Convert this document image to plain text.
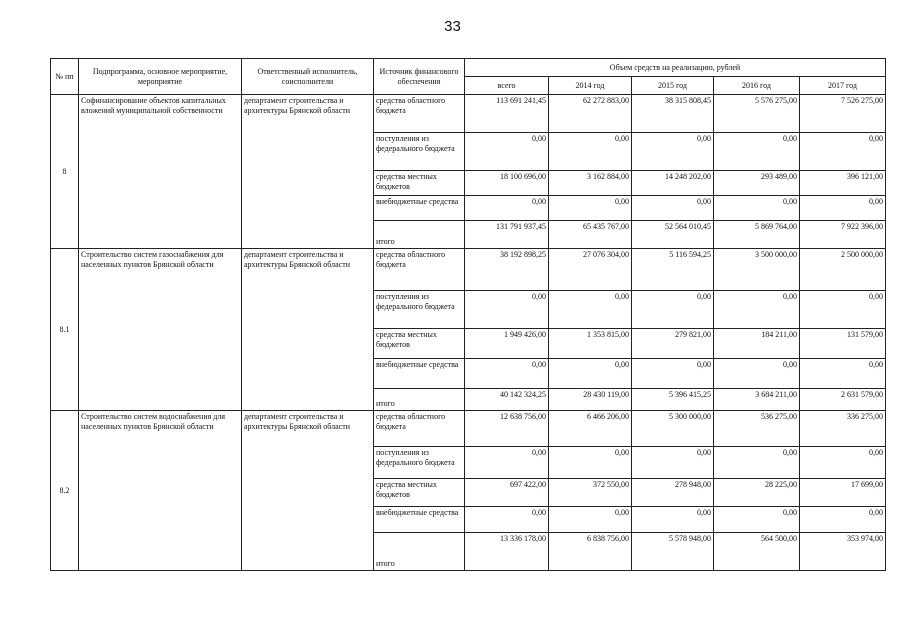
33
№ пп	Подпрограмма, основное мероприятие, мероприятие	Ответственный исполнитель, соисполнители	Источник финансового обеспечения	Объем средств на реализацию, рублей				
				всего	2014 год	2015 год	2016 год	2017 год
8	Софинансирование объектов капитальных вложений муниципальной собственности	департамент строительства и архитектуры Брянской области	средства областного бюджета	113 691 241,45	62 272 883,00	38 315 808,45	5 576 275,00	7 526 275,00
			поступления из федерального бюджета	0,00	0,00	0,00	0,00	0,00
			средства местных бюджетов	18 100 696,00	3 162 884,00	14 248 202,00	293 489,00	396 121,00
			внебюджетные средства	0,00	0,00	0,00	0,00	0,00
			итого	131 791 937,45	65 435 767,00	52 564 010,45	5 869 764,00	7 922 396,00
8.1	Строительство систем газоснабжения для населенных пунктов Брянской области	департамент строительства и архитектуры Брянской области	средства областного бюджета	38 192 898,25	27 076 304,00	5 116 594,25	3 500 000,00	2 500 000,00
			поступления из федерального бюджета	0,00	0,00	0,00	0,00	0,00
			средства местных бюджетов	1 949 426,00	1 353 815,00	279 821,00	184 211,00	131 579,00
			внебюджетные средства	0,00	0,00	0,00	0,00	0,00
			итого	40 142 324,25	28 430 119,00	5 396 415,25	3 684 211,00	2 631 579,00
8.2	Строительство систем водоснабжения для населенных пунктов Брянской области	департамент строительства и архитектуры Брянской области	средства областного бюджета	12 638 756,00	6 466 206,00	5 300 000,00	536 275,00	336 275,00
			поступления из федерального бюджета	0,00	0,00	0,00	0,00	0,00
			средства местных бюджетов	697 422,00	372 550,00	278 948,00	28 225,00	17 699,00
			внебюджетные средства	0,00	0,00	0,00	0,00	0,00
			итого	13 336 178,00	6 838 756,00	5 578 948,00	564 500,00	353 974,00
